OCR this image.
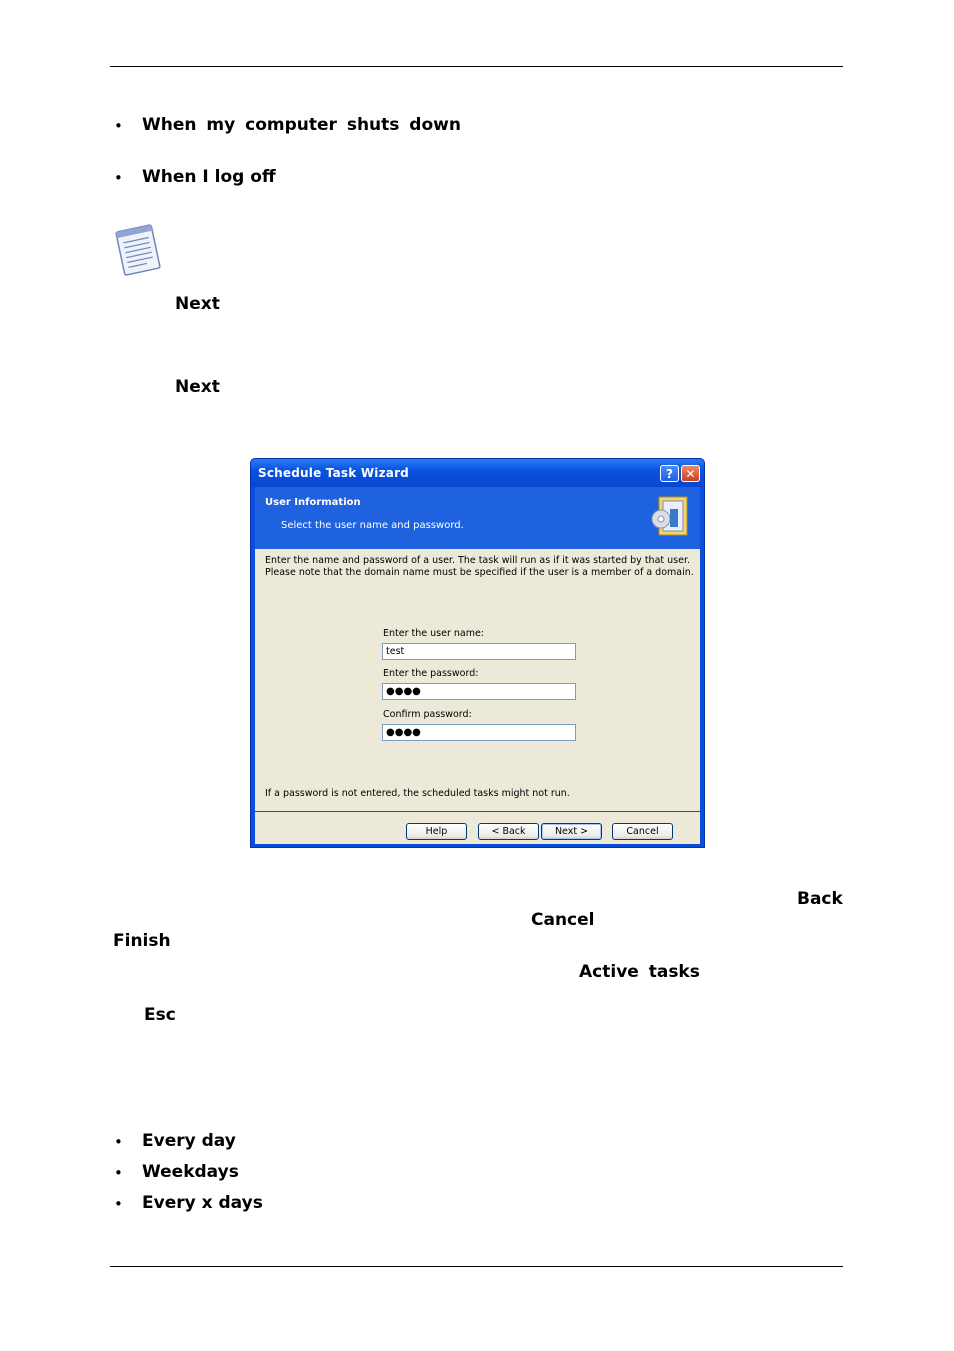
• When my computer shuts down
• When I log off
Next
Next
Schedule Task Wizard	?	✕
User Information
Select the user name and password.
Enter the name and password of a user. The task will run as if it was started by that user. Please note that the domain name must be specified if the user is a member of a domain.
Enter the user name:
test
Enter the password:
●●●●
Confirm password:
●●●●
If a password is not entered, the scheduled tasks might not run.
Help	< Back	Next >	Cancel
Back
Cancel
Finish
Active tasks
Esc
• Every day
• Weekdays
• Every x days
